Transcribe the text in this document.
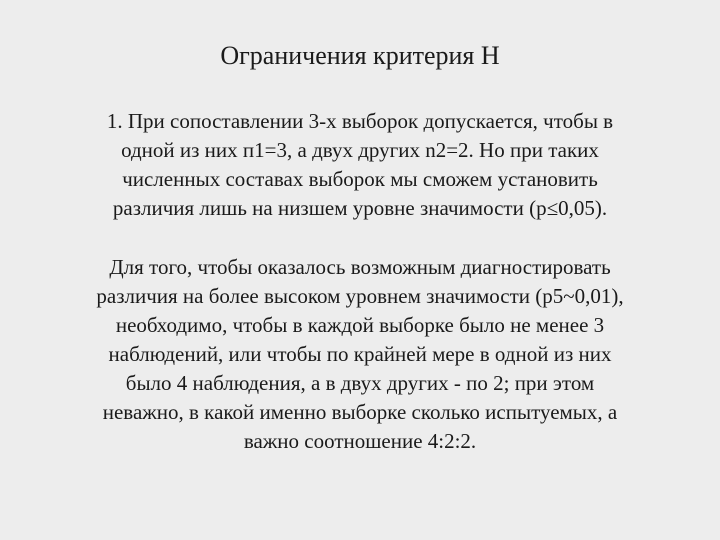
Ограничения критерия Н

1. При сопоставлении 3-х выборок допускается, чтобы в
одной из них п1=3, а двух других n2=2. Но при таких
численных составах выборок мы сможем установить
различия лишь на низшем уровне значимости (р≤0,05).

Для того, чтобы оказалось возможным диагностировать
различия на более высоком уровнем значимости (р5~0,01),
необходимо, чтобы в каждой выборке было не менее 3
наблюдений, или чтобы по крайней мере в одной из них
было 4 наблюдения, а в двух других - по 2; при этом
неважно, в какой именно выборке сколько испытуемых, а
важно соотношение 4:2:2.
